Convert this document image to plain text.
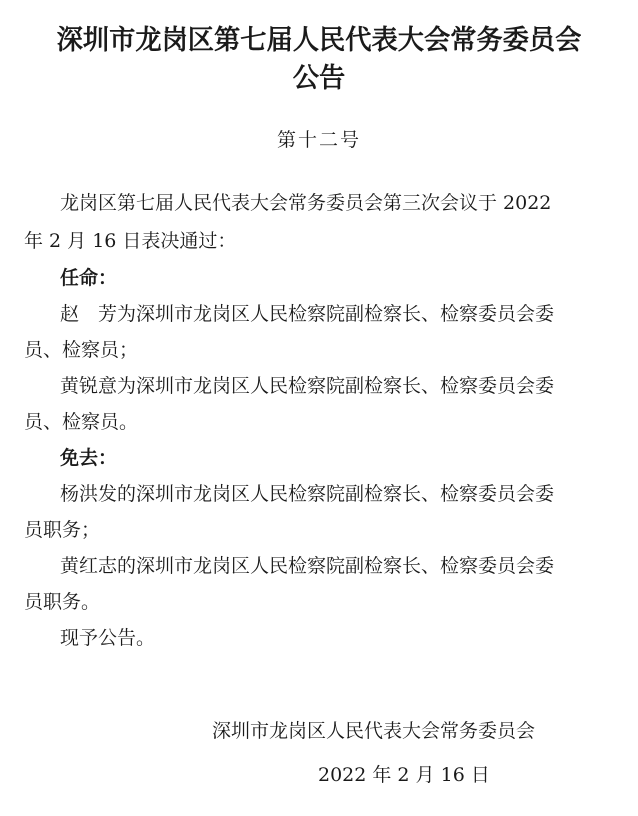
深圳市龙岗区第七届人民代表大会常务委员会
公告
第十二号
龙岗区第七届人民代表大会常务委员会第三次会议于 2022
年 2 月 16 日表决通过：
任命：
赵　芳为深圳市龙岗区人民检察院副检察长、检察委员会委
员、检察员；
黄锐意为深圳市龙岗区人民检察院副检察长、检察委员会委
员、检察员。
免去：
杨洪发的深圳市龙岗区人民检察院副检察长、检察委员会委
员职务；
黄红志的深圳市龙岗区人民检察院副检察长、检察委员会委
员职务。
现予公告。
深圳市龙岗区人民代表大会常务委员会
2022 年 2 月 16 日
